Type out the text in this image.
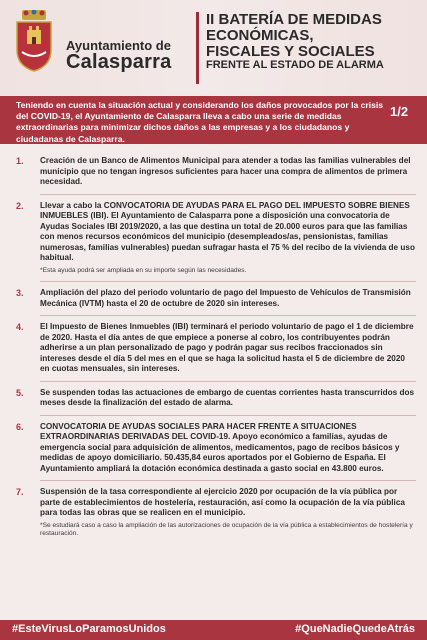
Ayuntamiento de
Calasparra
II BATERÍA DE MEDIDAS
ECONÓMICAS,
FISCALES Y SOCIALES
FRENTE AL ESTADO DE ALARMA
Teniendo en cuenta la situación actual y considerando los daños provocados por la crisis del COVID-19, el Ayuntamiento de Calasparra lleva a cabo una serie de medidas extraordinarias para minimizar dichos daños a las empresas y a los ciudadanos y ciudadanas de Calasparra.
1/2
1.	Creación de un Banco de Alimentos Municipal para atender a todas las familias vulnerables del municipio que no tengan ingresos suficientes para hacer una compra de alimentos de primera necesidad.
2.	Llevar a cabo la CONVOCATORIA DE AYUDAS PARA EL PAGO DEL IMPUESTO SOBRE BIENES INMUEBLES (IBI). El Ayuntamiento de Calasparra pone a disposición una convocatoria de Ayudas Sociales IBI 2019/2020, a las que destina un total de 20.000 euros para que las familias con menos recursos económicos del municipio (desempleados/as, pensionistas, familias numerosas, familias vulnerables) puedan sufragar hasta el 75 % del recibo de la vivienda de uso habitual.
*Esta ayuda podrá ser ampliada en su importe según las necesidades.
3.	Ampliación del plazo del periodo voluntario de pago del Impuesto de Vehículos de Transmisión Mecánica (IVTM) hasta el 20 de octubre de 2020 sin intereses.
4.	El Impuesto de Bienes Inmuebles (IBI) terminará el periodo voluntario de pago el 1 de diciembre de 2020. Hasta el día antes de que empiece a ponerse al cobro, los contribuyentes podrán adherirse a un plan personalizado de pago y podrán pagar sus recibos fraccionados sin intereses desde el día 5 del mes en el que se haga la solicitud hasta el 5 de diciembre de 2020 en cuotas mensuales, sin intereses.
5.	Se suspenden todas las actuaciones de embargo de cuentas corrientes hasta transcurridos dos meses desde la finalización del estado de alarma.
6.	CONVOCATORIA DE AYUDAS SOCIALES PARA HACER FRENTE A SITUACIONES EXTRAORDINARIAS DERIVADAS DEL COVID-19. Apoyo económico a familias, ayudas de emergencia social para adquisición de alimentos, medicamentos, pago de recibos básicos y medidas de apoyo domiciliario. 50.435,84 euros aportados por el Gobierno de España. El Ayuntamiento ampliará la dotación económica destinada a gasto social en 43.800 euros.
7.	Suspensión de la tasa correspondiente al ejercicio 2020 por ocupación de la vía pública por parte de establecimientos de hostelería, restauración, así como la ocupación de la vía pública para todas las obras que se realicen en el municipio.
*Se estudiará caso a caso la ampliación de las autorizaciones de ocupación de la vía pública a establecimientos de hostelería y restauración.
#EsteVirusLoParamosUnidos	#QueNadieQuedeAtrás
